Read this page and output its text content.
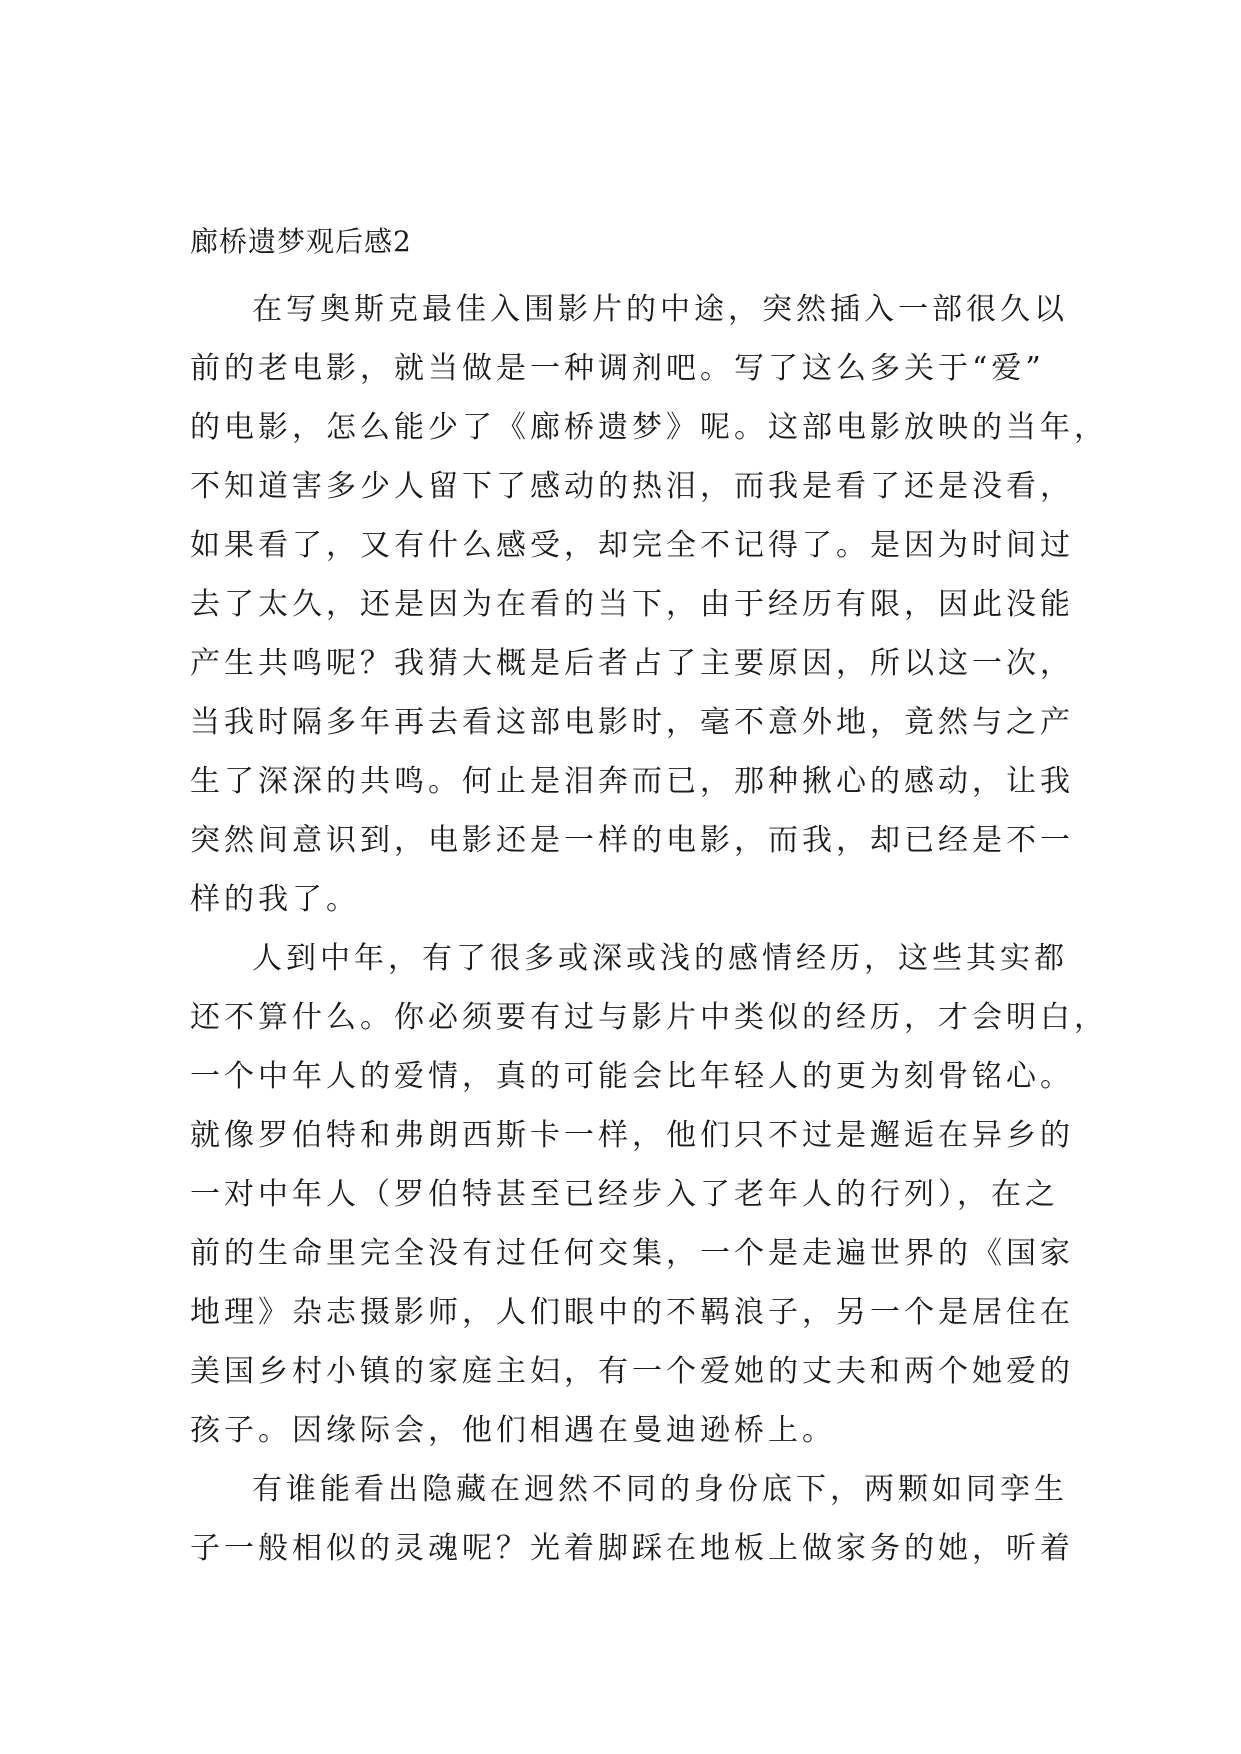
廊桥遗梦观后感2
在写奥斯克最佳入围影片的中途，突然插入一部很久以
前的老电影，就当做是一种调剂吧。写了这么多关于“爱”
的电影，怎么能少了《廊桥遗梦》呢。这部电影放映的当年，
不知道害多少人留下了感动的热泪，而我是看了还是没看，
如果看了，又有什么感受，却完全不记得了。是因为时间过
去了太久，还是因为在看的当下，由于经历有限，因此没能
产生共鸣呢？我猜大概是后者占了主要原因，所以这一次，
当我时隔多年再去看这部电影时，毫不意外地，竟然与之产
生了深深的共鸣。何止是泪奔而已，那种揪心的感动，让我
突然间意识到，电影还是一样的电影，而我，却已经是不一
样的我了。
人到中年，有了很多或深或浅的感情经历，这些其实都
还不算什么。你必须要有过与影片中类似的经历，才会明白，
一个中年人的爱情，真的可能会比年轻人的更为刻骨铭心。
就像罗伯特和弗朗西斯卡一样，他们只不过是邂逅在异乡的
一对中年人（罗伯特甚至已经步入了老年人的行列），在之
前的生命里完全没有过任何交集，一个是走遍世界的《国家
地理》杂志摄影师，人们眼中的不羁浪子，另一个是居住在
美国乡村小镇的家庭主妇，有一个爱她的丈夫和两个她爱的
孩子。因缘际会，他们相遇在曼迪逊桥上。
有谁能看出隐藏在迥然不同的身份底下，两颗如同孪生
子一般相似的灵魂呢？光着脚踩在地板上做家务的她，听着
